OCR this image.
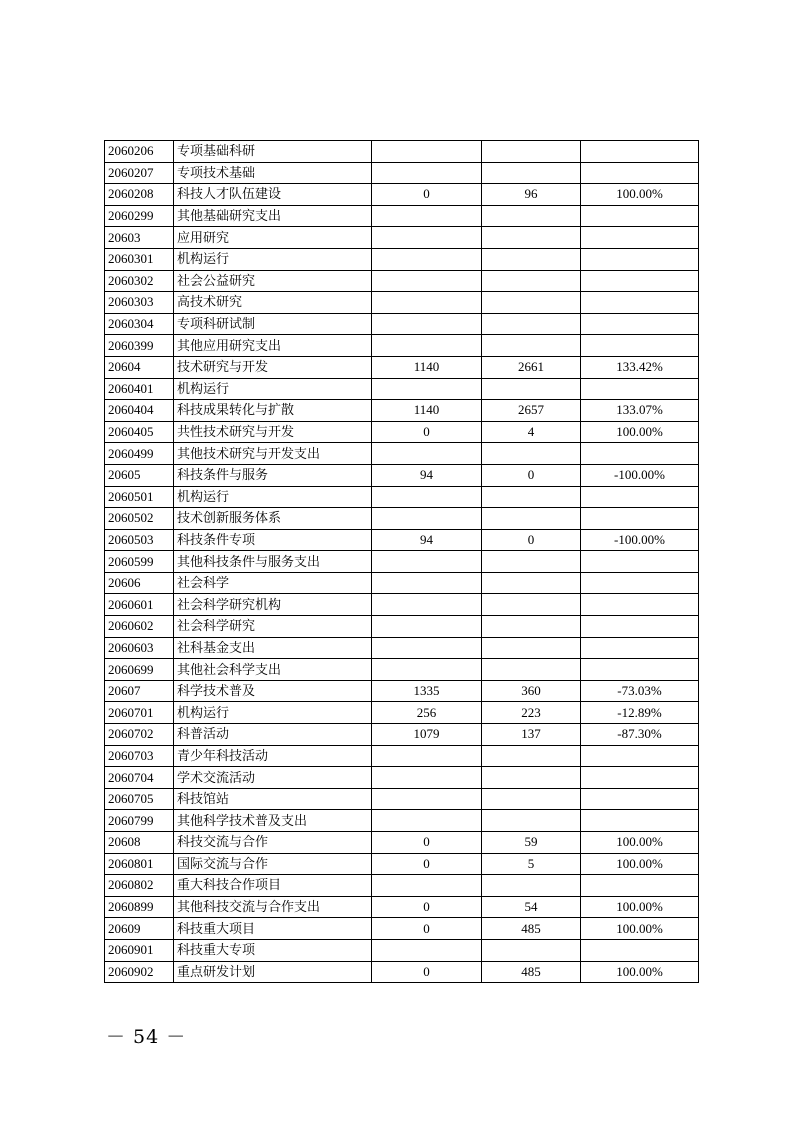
2060206	专项基础科研			
2060207	专项技术基础			
2060208	科技人才队伍建设	0	96	100.00%
2060299	其他基础研究支出			
20603	应用研究			
2060301	机构运行			
2060302	社会公益研究			
2060303	高技术研究			
2060304	专项科研试制			
2060399	其他应用研究支出			
20604	技术研究与开发	1140	2661	133.42%
2060401	机构运行			
2060404	科技成果转化与扩散	1140	2657	133.07%
2060405	共性技术研究与开发	0	4	100.00%
2060499	其他技术研究与开发支出			
20605	科技条件与服务	94	0	-100.00%
2060501	机构运行			
2060502	技术创新服务体系			
2060503	科技条件专项	94	0	-100.00%
2060599	其他科技条件与服务支出			
20606	社会科学			
2060601	社会科学研究机构			
2060602	社会科学研究			
2060603	社科基金支出			
2060699	其他社会科学支出			
20607	科学技术普及	1335	360	-73.03%
2060701	机构运行	256	223	-12.89%
2060702	科普活动	1079	137	-87.30%
2060703	青少年科技活动			
2060704	学术交流活动			
2060705	科技馆站			
2060799	其他科学技术普及支出			
20608	科技交流与合作	0	59	100.00%
2060801	国际交流与合作	0	5	100.00%
2060802	重大科技合作项目			
2060899	其他科技交流与合作支出	0	54	100.00%
20609	科技重大项目	0	485	100.00%
2060901	科技重大专项			
2060902	重点研发计划	0	485	100.00%
－ 54 －
